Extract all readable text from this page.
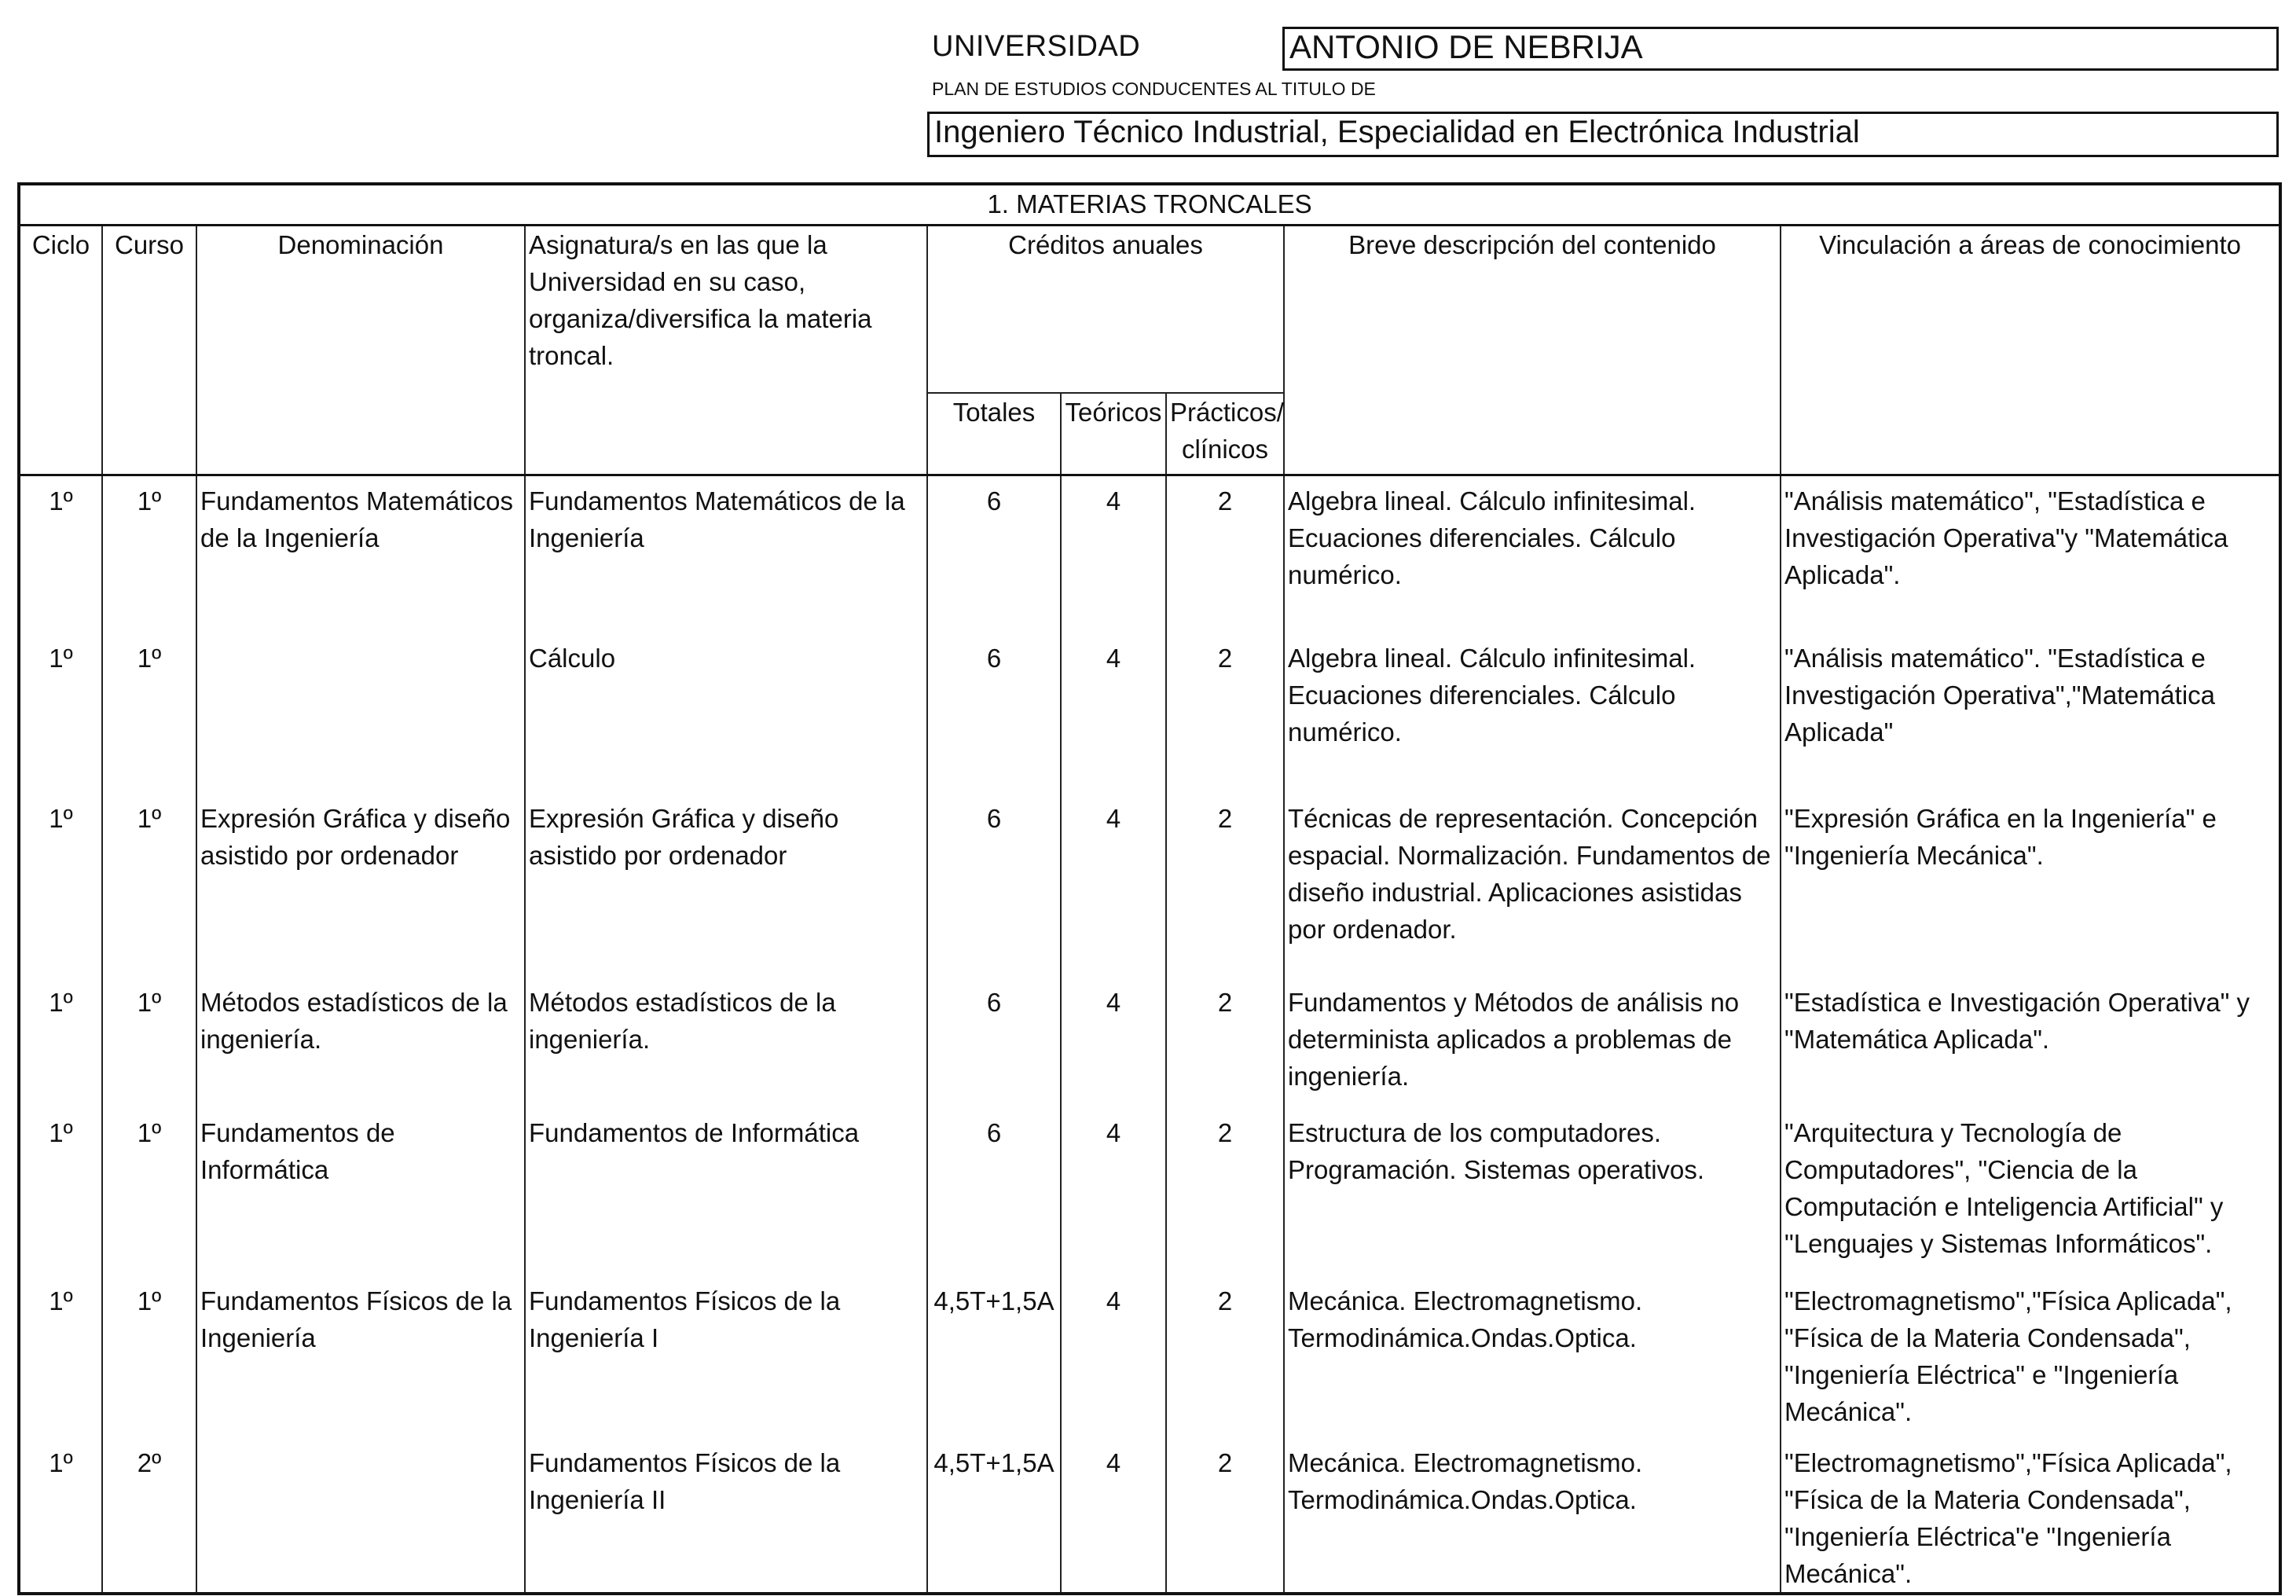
UNIVERSIDAD	ANTONIO DE NEBRIJA
PLAN DE ESTUDIOS CONDUCENTES AL TITULO DE
Ingeniero Técnico Industrial, Especialidad en Electrónica Industrial
1. MATERIAS TRONCALES								
Ciclo	Curso	Denominación	Asignatura/s en las que la Universidad en su caso, organiza/diversifica la materia troncal.	Créditos anuales			Breve descripción del contenido	Vinculación a áreas de conocimiento
				Totales	Teóricos	Prácticos/ clínicos		
1º	1º	Fundamentos Matemáticos de la Ingeniería	Fundamentos Matemáticos de la Ingeniería	6	4	2	Algebra lineal. Cálculo infinitesimal. Ecuaciones diferenciales. Cálculo numérico.	"Análisis matemático", "Estadística e Investigación Operativa"y "Matemática Aplicada".
1º	1º		Cálculo	6	4	2	Algebra lineal. Cálculo infinitesimal. Ecuaciones diferenciales. Cálculo numérico.	"Análisis matemático". "Estadística e Investigación Operativa","Matemática Aplicada"
1º	1º	Expresión Gráfica y diseño asistido por ordenador	Expresión Gráfica y diseño asistido por ordenador	6	4	2	Técnicas de representación. Concepción espacial. Normalización. Fundamentos de diseño industrial. Aplicaciones asistidas por ordenador.	"Expresión Gráfica en la Ingeniería" e "Ingeniería Mecánica".
1º	1º	Métodos estadísticos de la ingeniería.	Métodos estadísticos de la ingeniería.	6	4	2	Fundamentos y Métodos de análisis no determinista aplicados a problemas de ingeniería.	"Estadística e Investigación Operativa" y "Matemática Aplicada".
1º	1º	Fundamentos de Informática	Fundamentos de Informática	6	4	2	Estructura de los computadores. Programación. Sistemas operativos.	"Arquitectura y Tecnología de Computadores", "Ciencia de la Computación e Inteligencia Artificial" y "Lenguajes y Sistemas Informáticos".
1º	1º	Fundamentos Físicos de la Ingeniería	Fundamentos Físicos de la Ingeniería I	4,5T+1,5A	4	2	Mecánica. Electromagnetismo. Termodinámica.Ondas.Optica.	"Electromagnetismo","Física Aplicada", "Física de la Materia Condensada", "Ingeniería Eléctrica" e "Ingeniería Mecánica".
1º	2º		Fundamentos Físicos de la Ingeniería II	4,5T+1,5A	4	2	Mecánica. Electromagnetismo. Termodinámica.Ondas.Optica.	"Electromagnetismo","Física Aplicada", "Física de la Materia Condensada", "Ingeniería Eléctrica"e "Ingeniería Mecánica".
